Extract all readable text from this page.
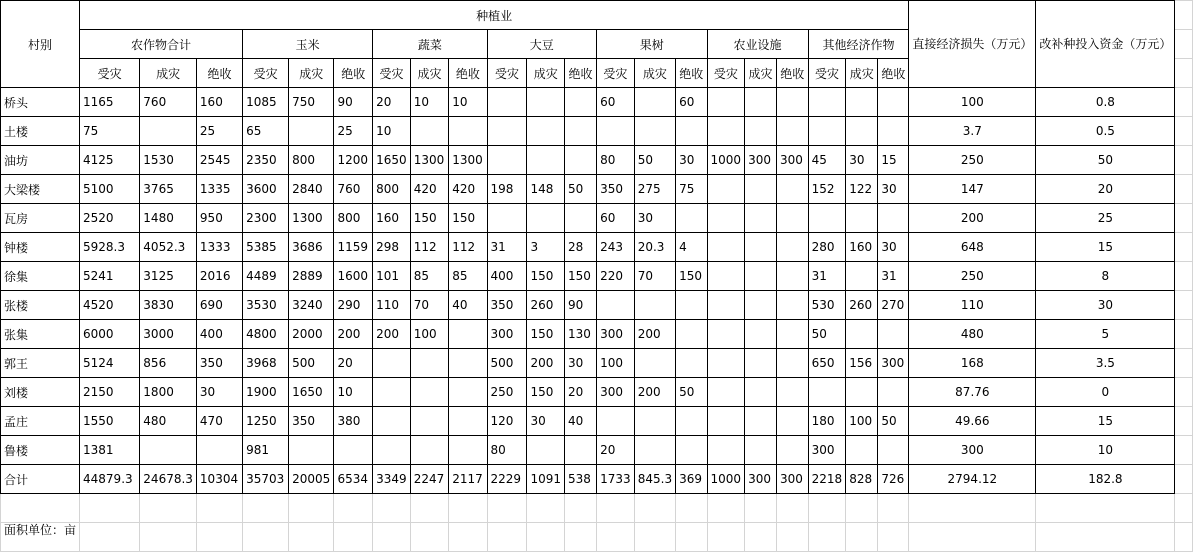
村别	种植业																					直接经济损失（万元）	改补种投入资金（万元）	
	农作物合计			玉米			蔬菜			大豆			果树			农业设施			其他经济作物					
	受灾	成灾	绝收	受灾	成灾	绝收	受灾	成灾	绝收	受灾	成灾	绝收	受灾	成灾	绝收	受灾	成灾	绝收	受灾	成灾	绝收			
桥头	1165	760	160	1085	750	90	20	10	10				60		60							100	0.8	
土楼	75		25	65		25	10															3.7	0.5	
油坊	4125	1530	2545	2350	800	1200	1650	1300	1300				80	50	30	1000	300	300	45	30	15	250	50	
大梁楼	5100	3765	1335	3600	2840	760	800	420	420	198	148	50	350	275	75				152	122	30	147	20	
瓦房	2520	1480	950	2300	1300	800	160	150	150				60	30								200	25	
钟楼	5928.3	4052.3	1333	5385	3686	1159	298	112	112	31	3	28	243	20.3	4				280	160	30	648	15	
徐集	5241	3125	2016	4489	2889	1600	101	85	85	400	150	150	220	70	150				31		31	250	8	
张楼	4520	3830	690	3530	3240	290	110	70	40	350	260	90							530	260	270	110	30	
张集	6000	3000	400	4800	2000	200	200	100		300	150	130	300	200					50			480	5	
郭王	5124	856	350	3968	500	20				500	200	30	100						650	156	300	168	3.5	
刘楼	2150	1800	30	1900	1650	10				250	150	20	300	200	50							87.76	0	
孟庄	1550	480	470	1250	350	380				120	30	40							180	100	50	49.66	15	
鲁楼	1381			981						80			20						300			300	10	
合计	44879.3	24678.3	10304	35703	20005	6534	3349	2247	2117	2229	1091	538	1733	845.3	369	1000	300	300	2218	828	726	2794.12	182.8	

面积单位：亩																								
